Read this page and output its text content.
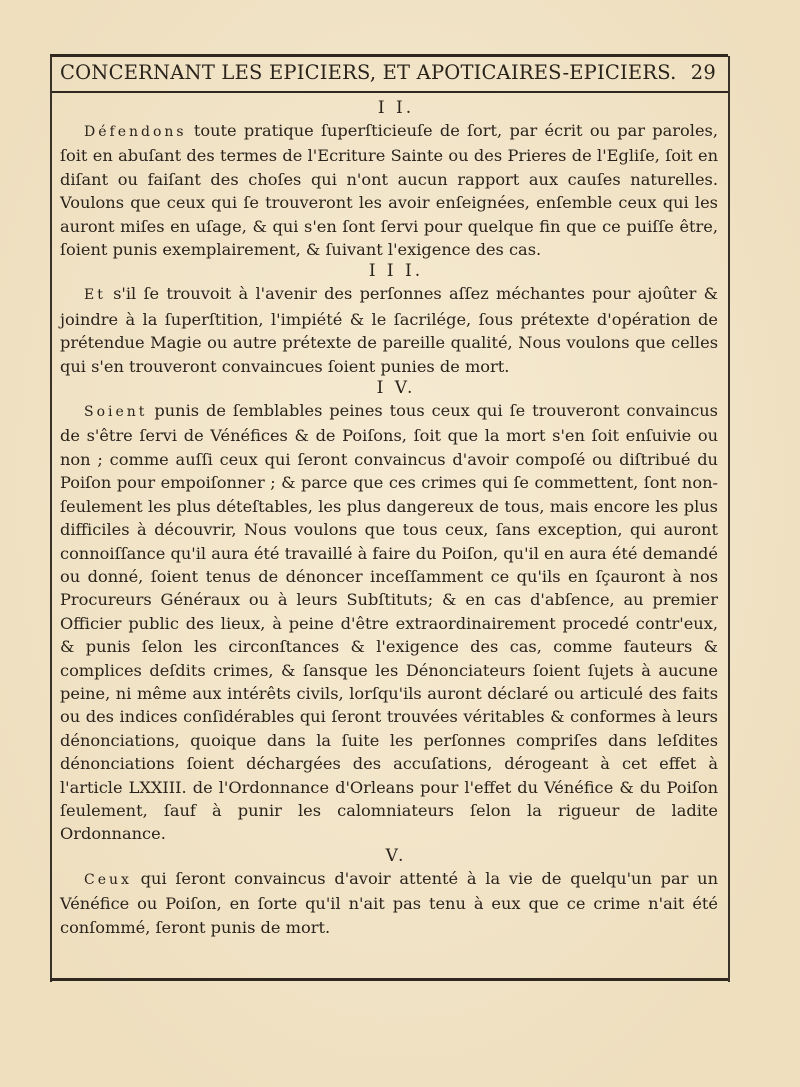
CONCERNANT LES EPICIERS, ET APOTICAIRES-EPICIERS. 29

I I.

Défendons toute pratique ſuperſticieuſe de ſort, par écrit ou par paroles, ſoit en abuſant des termes de l'Ecriture Sainte ou des Prieres de l'Egliſe, ſoit en diſant ou faiſant des choſes qui n'ont aucun rapport aux cauſes naturelles. Voulons que ceux qui ſe trouveront les avoir enſeignées, enſemble ceux qui les auront miſes en uſage, & qui s'en ſont ſervi pour quelque fin que ce puiſſe être, ſoient punis exemplairement, & ſuivant l'exigence des cas.

I I I.

Et s'il ſe trouvoit à l'avenir des perſonnes aſſez méchantes pour ajoûter & joindre à la ſuperſtition, l'impiété & le ſacrilége, ſous prétexte d'opération de prétendue Magie ou autre prétexte de pareille qualité, Nous voulons que celles qui s'en trouveront convaincues ſoient punies de mort.

I V.

Soient punis de ſemblables peines tous ceux qui ſe trouveront convaincus de s'être ſervi de Vénéfices & de Poiſons, ſoit que la mort s'en ſoit enſuivie ou non ; comme auſſi ceux qui ſeront convaincus d'avoir compoſé ou diſtribué du Poiſon pour empoiſonner ; & parce que ces crimes qui ſe commettent, ſont non-ſeulement les plus déteſtables, les plus dangereux de tous, mais encore les plus difficiles à découvrir, Nous voulons que tous ceux, ſans exception, qui auront connoiſſance qu'il aura été travaillé à faire du Poiſon, qu'il en aura été demandé ou donné, ſoient tenus de dénoncer inceſſamment ce qu'ils en ſçauront à nos Procureurs Généraux ou à leurs Subſtituts; & en cas d'abſence, au premier Officier public des lieux, à peine d'être extraordinairement procedé contr'eux, & punis ſelon les circonſtances & l'exigence des cas, comme fauteurs & complices deſdits crimes, & ſansque les Dénonciateurs ſoient ſujets à aucune peine, ni même aux intérêts civils, lorſqu'ils auront déclaré ou articulé des faits ou des indices conſidérables qui ſeront trouvées véritables & conformes à leurs dénonciations, quoique dans la ſuite les perſonnes compriſes dans leſdites dénonciations ſoient déchargées des accuſations, dérogeant à cet effet à l'article LXXIII. de l'Ordonnance d'Orleans pour l'effet du Vénéfice & du Poiſon ſeulement, ſauf à punir les calomniateurs ſelon la rigueur de ladite Ordonnance.

V.

Ceux qui ſeront convaincus d'avoir attenté à la vie de quelqu'un par un Vénéfice ou Poiſon, en ſorte qu'il n'ait pas tenu à eux que ce crime n'ait été conſommé, ſeront punis de mort.
